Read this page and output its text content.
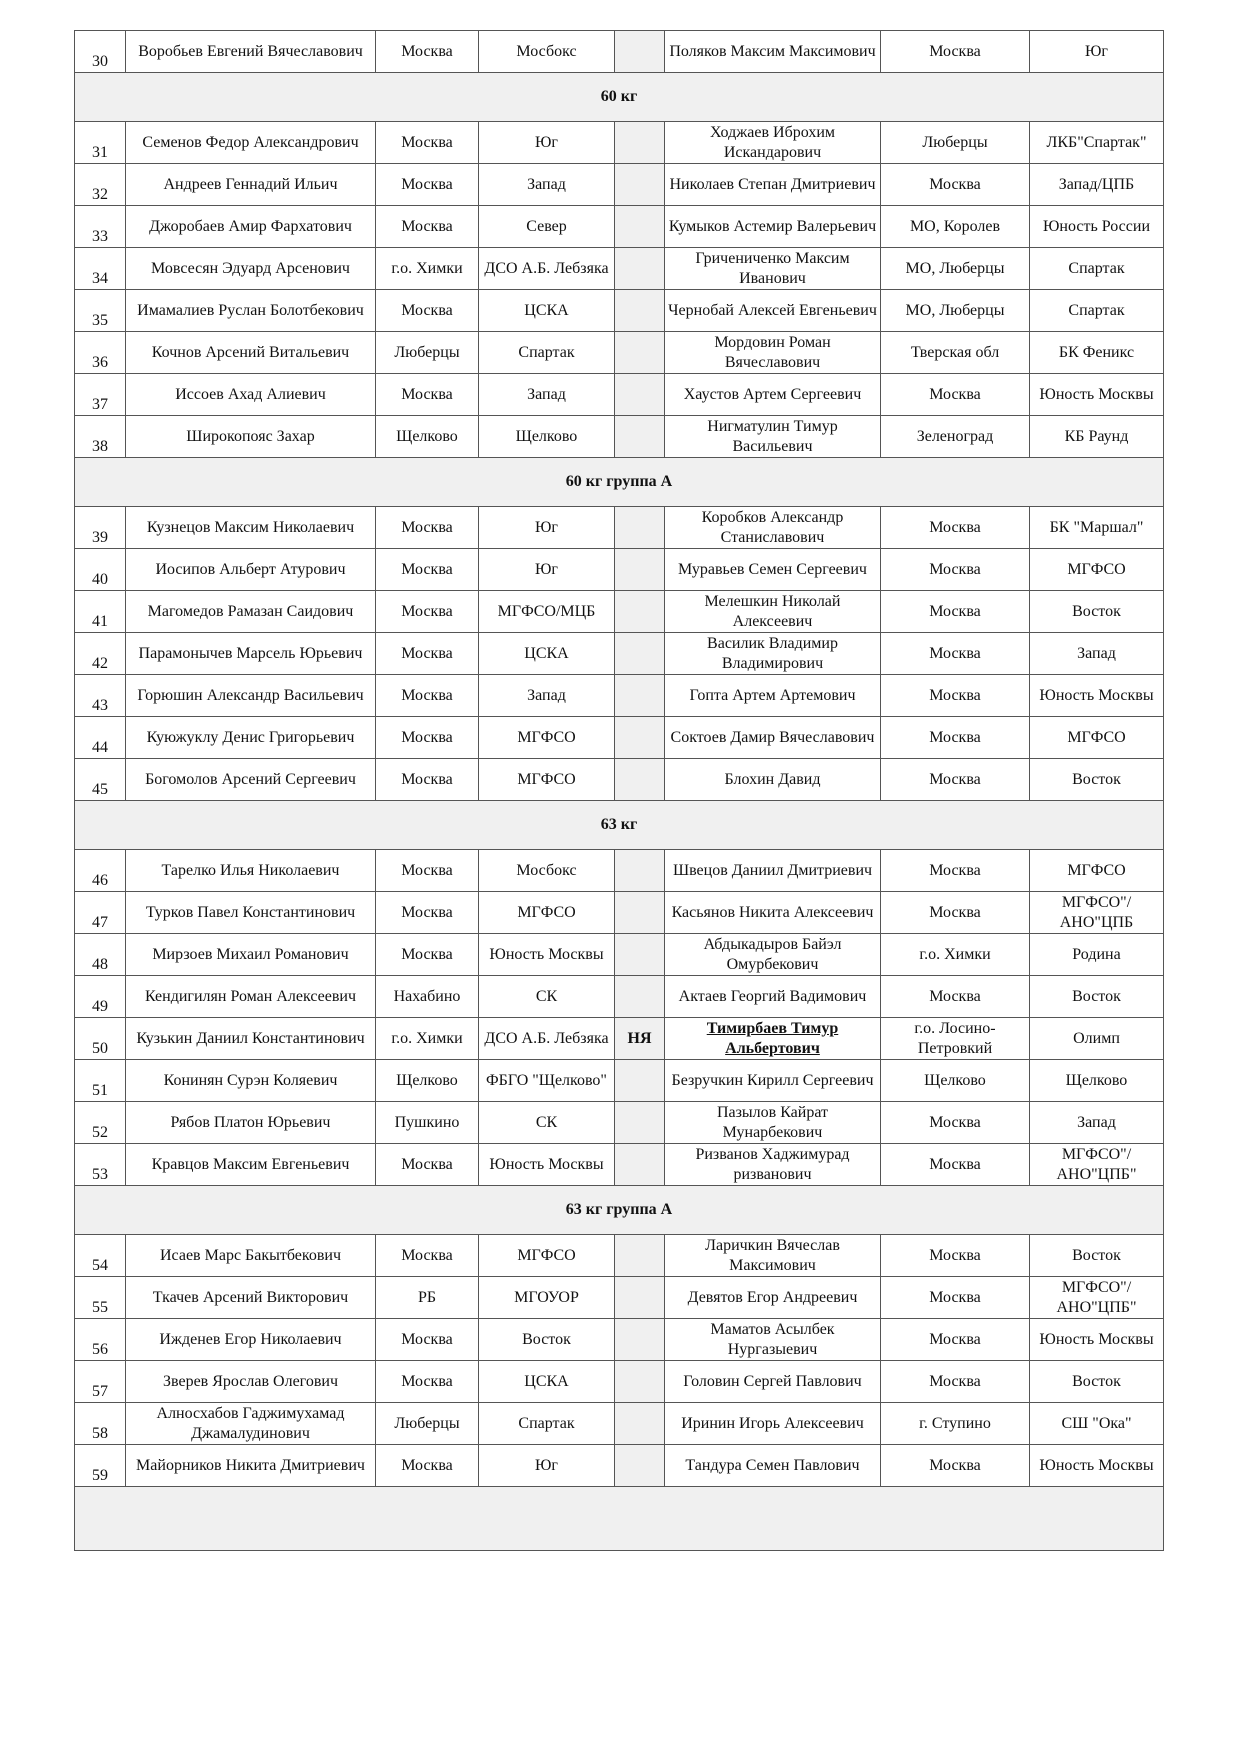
30	Воробьев Евгений Вячеславович	Москва	Мосбокс		Поляков Максим Максимович	Москва	Юг
60 кг							
31	Семенов Федор Александрович	Москва	Юг		Ходжаев Иброхим Искандарович	Люберцы	ЛКБ"Спартак"
32	Андреев Геннадий Ильич	Москва	Запад		Николаев Степан Дмитриевич	Москва	Запад/ЦПБ
33	Джоробаев Амир Фархатович	Москва	Север		Кумыков Астемир Валерьевич	МО, Королев	Юность России
34	Мовсесян Эдуард Арсенович	г.о. Химки	ДСО А.Б. Лебзяка		Гричениченко Максим Иванович	МО, Люберцы	Спартак
35	Имамалиев Руслан Болотбекович	Москва	ЦСКА		Чернобай Алексей Евгеньевич	МО, Люберцы	Спартак
36	Кочнов Арсений Витальевич	Люберцы	Спартак		Мордовин Роман Вячеславович	Тверская обл	БК Феникс
37	Иссоев Ахад Алиевич	Москва	Запад		Хаустов Артем Сергеевич	Москва	Юность Москвы
38	Широкопояс Захар	Щелково	Щелково		Нигматулин Тимур Васильевич	Зеленоград	КБ Раунд
60 кг группа А							
39	Кузнецов Максим Николаевич	Москва	Юг		Коробков Александр Станиславович	Москва	БК "Маршал"
40	Иосипов Альберт Атурович	Москва	Юг		Муравьев Семен Сергеевич	Москва	МГФСО
41	Магомедов Рамазан Саидович	Москва	МГФСО/МЦБ		Мелешкин Николай Алексеевич	Москва	Восток
42	Парамонычев Марсель Юрьевич	Москва	ЦСКА		Василик Владимир Владимирович	Москва	Запад
43	Горюшин Александр Васильевич	Москва	Запад		Гопта Артем Артемович	Москва	Юность Москвы
44	Куюжуклу Денис Григорьевич	Москва	МГФСО		Соктоев Дамир Вячеславович	Москва	МГФСО
45	Богомолов Арсений Сергеевич	Москва	МГФСО		Блохин Давид	Москва	Восток
63 кг							
46	Тарелко Илья Николаевич	Москва	Мосбокс		Швецов Даниил Дмитриевич	Москва	МГФСО
47	Турков Павел Константинович	Москва	МГФСО		Касьянов Никита Алексеевич	Москва	МГФСО"/АНО"ЦПБ
48	Мирзоев Михаил Романович	Москва	Юность Москвы		Абдыкадыров Байэл Омурбекович	г.о. Химки	Родина
49	Кендигилян Роман Алексеевич	Нахабино	СК		Актаев Георгий Вадимович	Москва	Восток
50	Кузькин Даниил Константинович	г.о. Химки	ДСО А.Б. Лебзяка	НЯ	Тимирбаев Тимур Альбертович	г.о. Лосино-Петровкий	Олимп
51	Конинян Сурэн Коляевич	Щелково	ФБГО "Щелково"		Безручкин Кирилл Сергеевич	Щелково	Щелково
52	Рябов Платон Юрьевич	Пушкино	СК		Пазылов Кайрат Мунарбекович	Москва	Запад
53	Кравцов Максим Евгеньевич	Москва	Юность Москвы		Ризванов Хаджимурад ризванович	Москва	МГФСО"/АНО"ЦПБ"
63 кг группа А							
54	Исаев Марс Бакытбекович	Москва	МГФСО		Ларичкин Вячеслав Максимович	Москва	Восток
55	Ткачев Арсений Викторович	РБ	МГОУОР		Девятов Егор Андреевич	Москва	МГФСО"/АНО"ЦПБ"
56	Ижденев Егор Николаевич	Москва	Восток		Маматов Асылбек Нургазыевич	Москва	Юность Москвы
57	Зверев Ярослав Олегович	Москва	ЦСКА		Головин Сергей Павлович	Москва	Восток
58	Алносхабов Гаджимухамад Джамалудинович	Люберцы	Спартак		Иринин Игорь Алексеевич	г. Ступино	СШ "Ока"
59	Майорников Никита Дмитриевич	Москва	Юг		Тандура Семен Павлович	Москва	Юность Москвы
